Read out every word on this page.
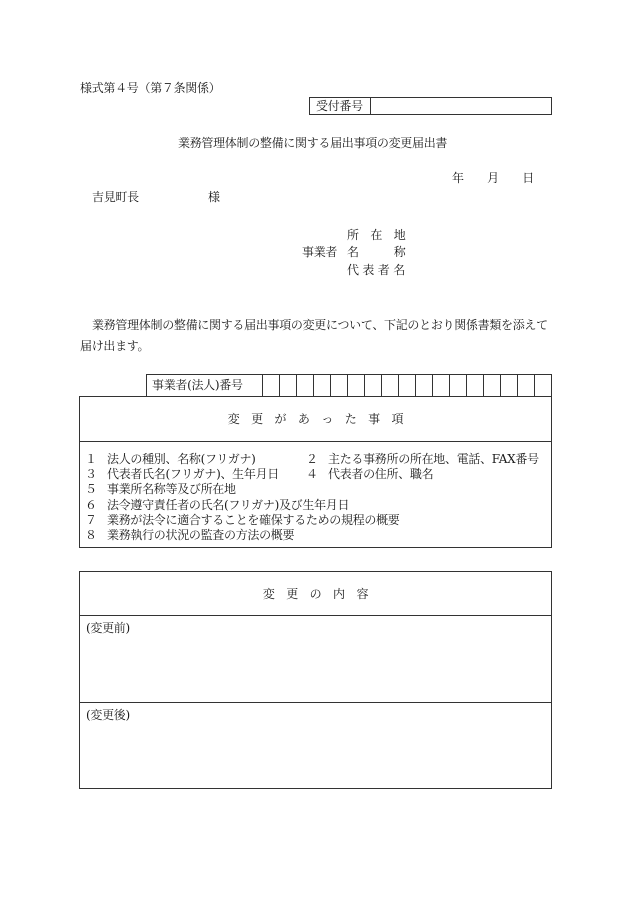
様式第４号（第７条関係）
受付番号
業務管理体制の整備に関する届出事項の変更届出書
年　　月　　日
吉見町長	様
所　在　地
事業者 名　　　称
代表者名
業務管理体制の整備に関する届出事項の変更について、下記のとおり関係書類を添えて
届け出ます。
事業者(法人)番号
変　更　が　あ　っ　た　事　項
１ 法人の種別、名称(フリガナ)	２ 主たる事務所の所在地、電話、FAX番号
３ 代表者氏名(フリガナ)、生年月日	４ 代表者の住所、職名
５ 事業所名称等及び所在地
６ 法令遵守責任者の氏名(フリガナ)及び生年月日
７ 業務が法令に適合することを確保するための規程の概要
８ 業務執行の状況の監査の方法の概要
変　更　の　内　容
(変更前)
(変更後)
